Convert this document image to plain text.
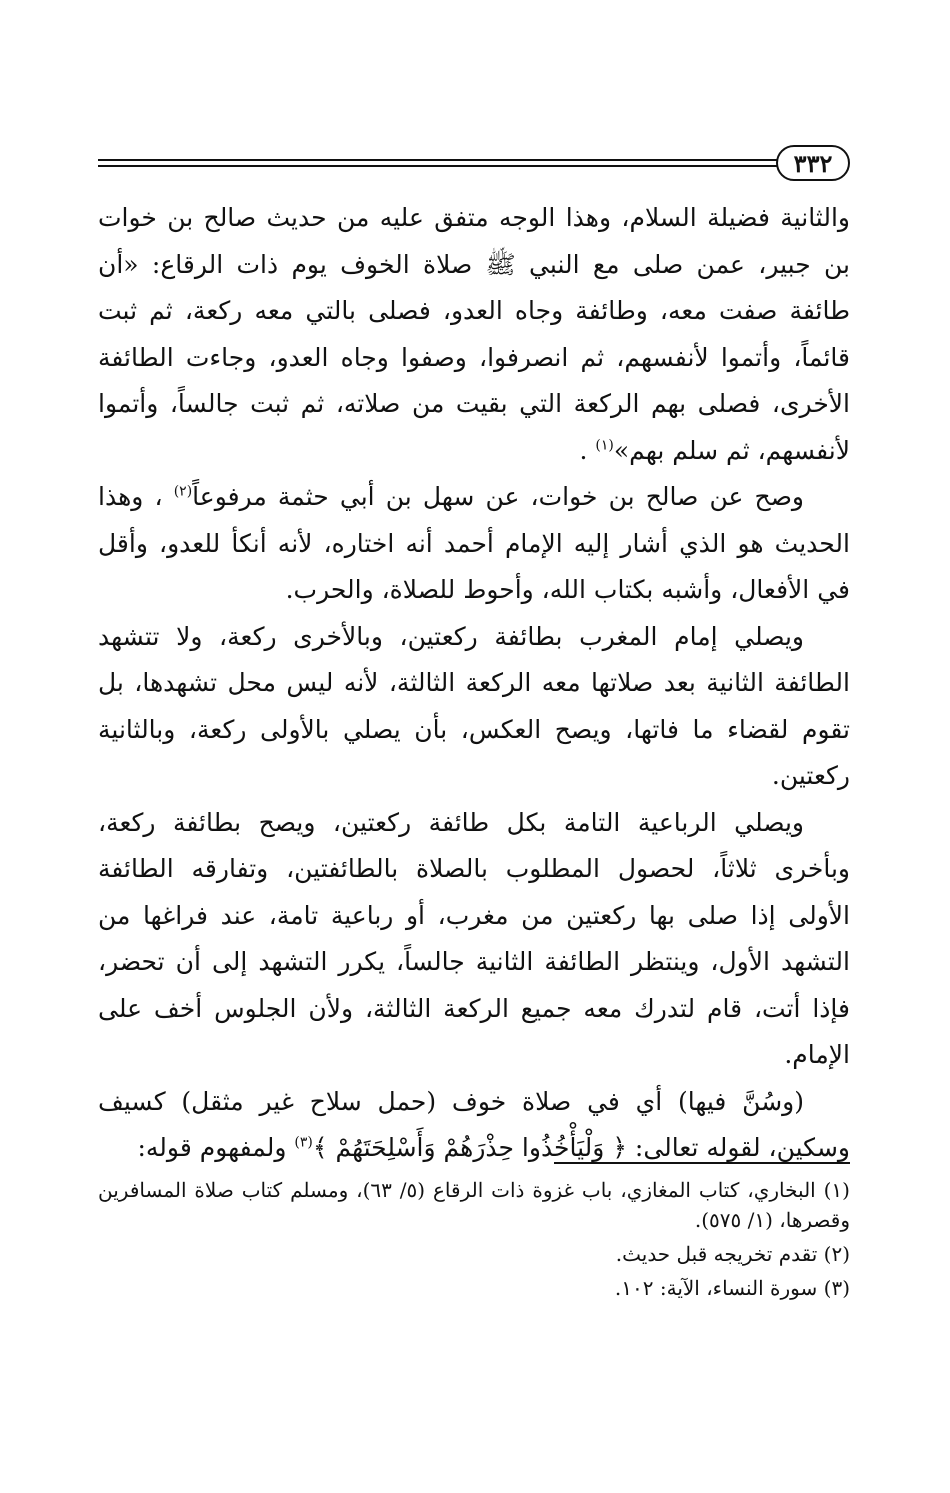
٣٣٢

والثانية فضيلة السلام، وهذا الوجه متفق عليه من حديث صالح بن خوات بن جبير، عمن صلى مع النبي ﷺ صلاة الخوف يوم ذات الرقاع: «أن طائفة صفت معه، وطائفة وجاه العدو، فصلى بالتي معه ركعة، ثم ثبت قائماً، وأتموا لأنفسهم، ثم انصرفوا، وصفوا وجاه العدو، وجاءت الطائفة الأخرى، فصلى بهم الركعة التي بقيت من صلاته، ثم ثبت جالساً، وأتموا لأنفسهم، ثم سلم بهم»$^{(١)}$ .

وصح عن صالح بن خوات، عن سهل بن أبي حثمة مرفوعاً$^{(٢)}$ ، وهذا الحديث هو الذي أشار إليه الإمام أحمد أنه اختاره، لأنه أنكأ للعدو، وأقل في الأفعال، وأشبه بكتاب الله، وأحوط للصلاة، والحرب.

ويصلي إمام المغرب بطائفة ركعتين، وبالأخرى ركعة، ولا تتشهد الطائفة الثانية بعد صلاتها معه الركعة الثالثة، لأنه ليس محل تشهدها، بل تقوم لقضاء ما فاتها، ويصح العكس، بأن يصلي بالأولى ركعة، وبالثانية ركعتين.

ويصلي الرباعية التامة بكل طائفة ركعتين، ويصح بطائفة ركعة، وبأخرى ثلاثاً، لحصول المطلوب بالصلاة بالطائفتين، وتفارقه الطائفة الأولى إذا صلى بها ركعتين من مغرب، أو رباعية تامة، عند فراغها من التشهد الأول، وينتظر الطائفة الثانية جالساً، يكرر التشهد إلى أن تحضر، فإذا أتت، قام لتدرك معه جميع الركعة الثالثة، ولأن الجلوس أخف على الإمام.

(وسُنَّ فيها) أي في صلاة خوف (حمل سلاح غير مثقل) كسيف وسكين، لقوله تعالى: ﴿ وَلْيَأْخُذُوا حِذْرَهُمْ وَأَسْلِحَتَهُمْ ﴾$^{(٣)}$ ولمفهوم قوله:

(١) البخاري، كتاب المغازي، باب غزوة ذات الرقاع (٥/ ٦٣)، ومسلم كتاب صلاة المسافرين وقصرها، (١/ ٥٧٥).

(٢) تقدم تخريجه قبل حديث.

(٣) سورة النساء، الآية: ١٠٢.
